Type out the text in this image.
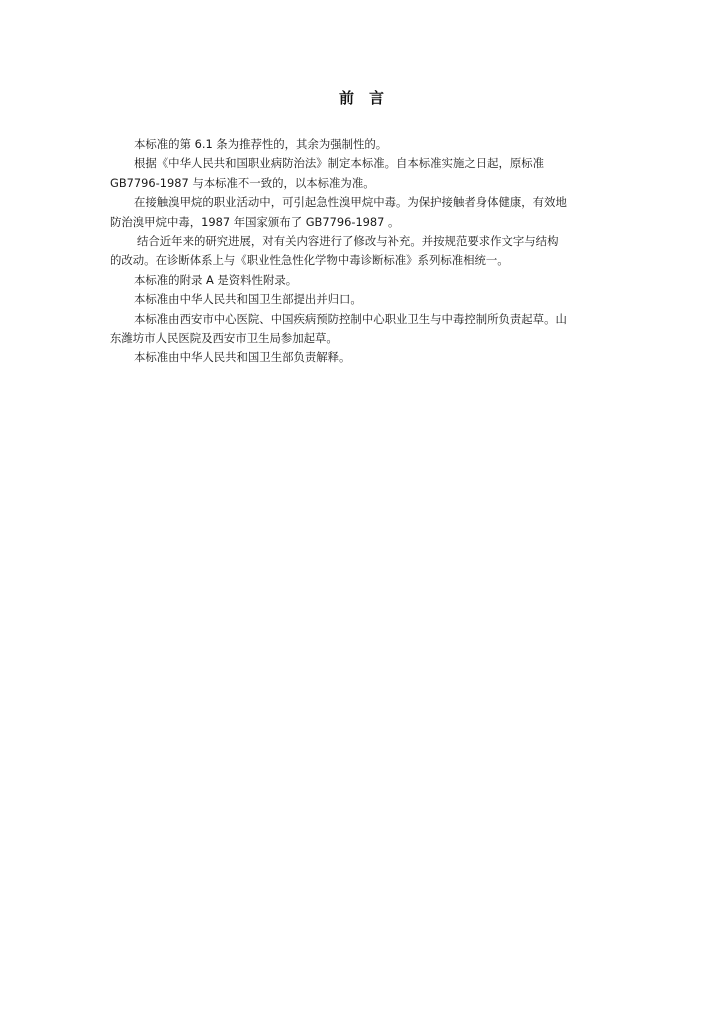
前 言

本标准的第 6.1 条为推荐性的，其余为强制性的。

根据《中华人民共和国职业病防治法》制定本标准。自本标准实施之日起，原标准

GB7796-1987 与本标准不一致的，以本标准为准。

在接触溴甲烷的职业活动中，可引起急性溴甲烷中毒。为保护接触者身体健康，有效地

防治溴甲烷中毒，1987 年国家颁布了 GB7796-1987 。

结合近年来的研究进展，对有关内容进行了修改与补充。并按规范要求作文字与结构

的改动。在诊断体系上与《职业性急性化学物中毒诊断标准》系列标准相统一。

本标准的附录 A 是资料性附录。

本标准由中华人民共和国卫生部提出并归口。

本标准由西安市中心医院、中国疾病预防控制中心职业卫生与中毒控制所负责起草。山

东潍坊市人民医院及西安市卫生局参加起草。

本标准由中华人民共和国卫生部负责解释。
